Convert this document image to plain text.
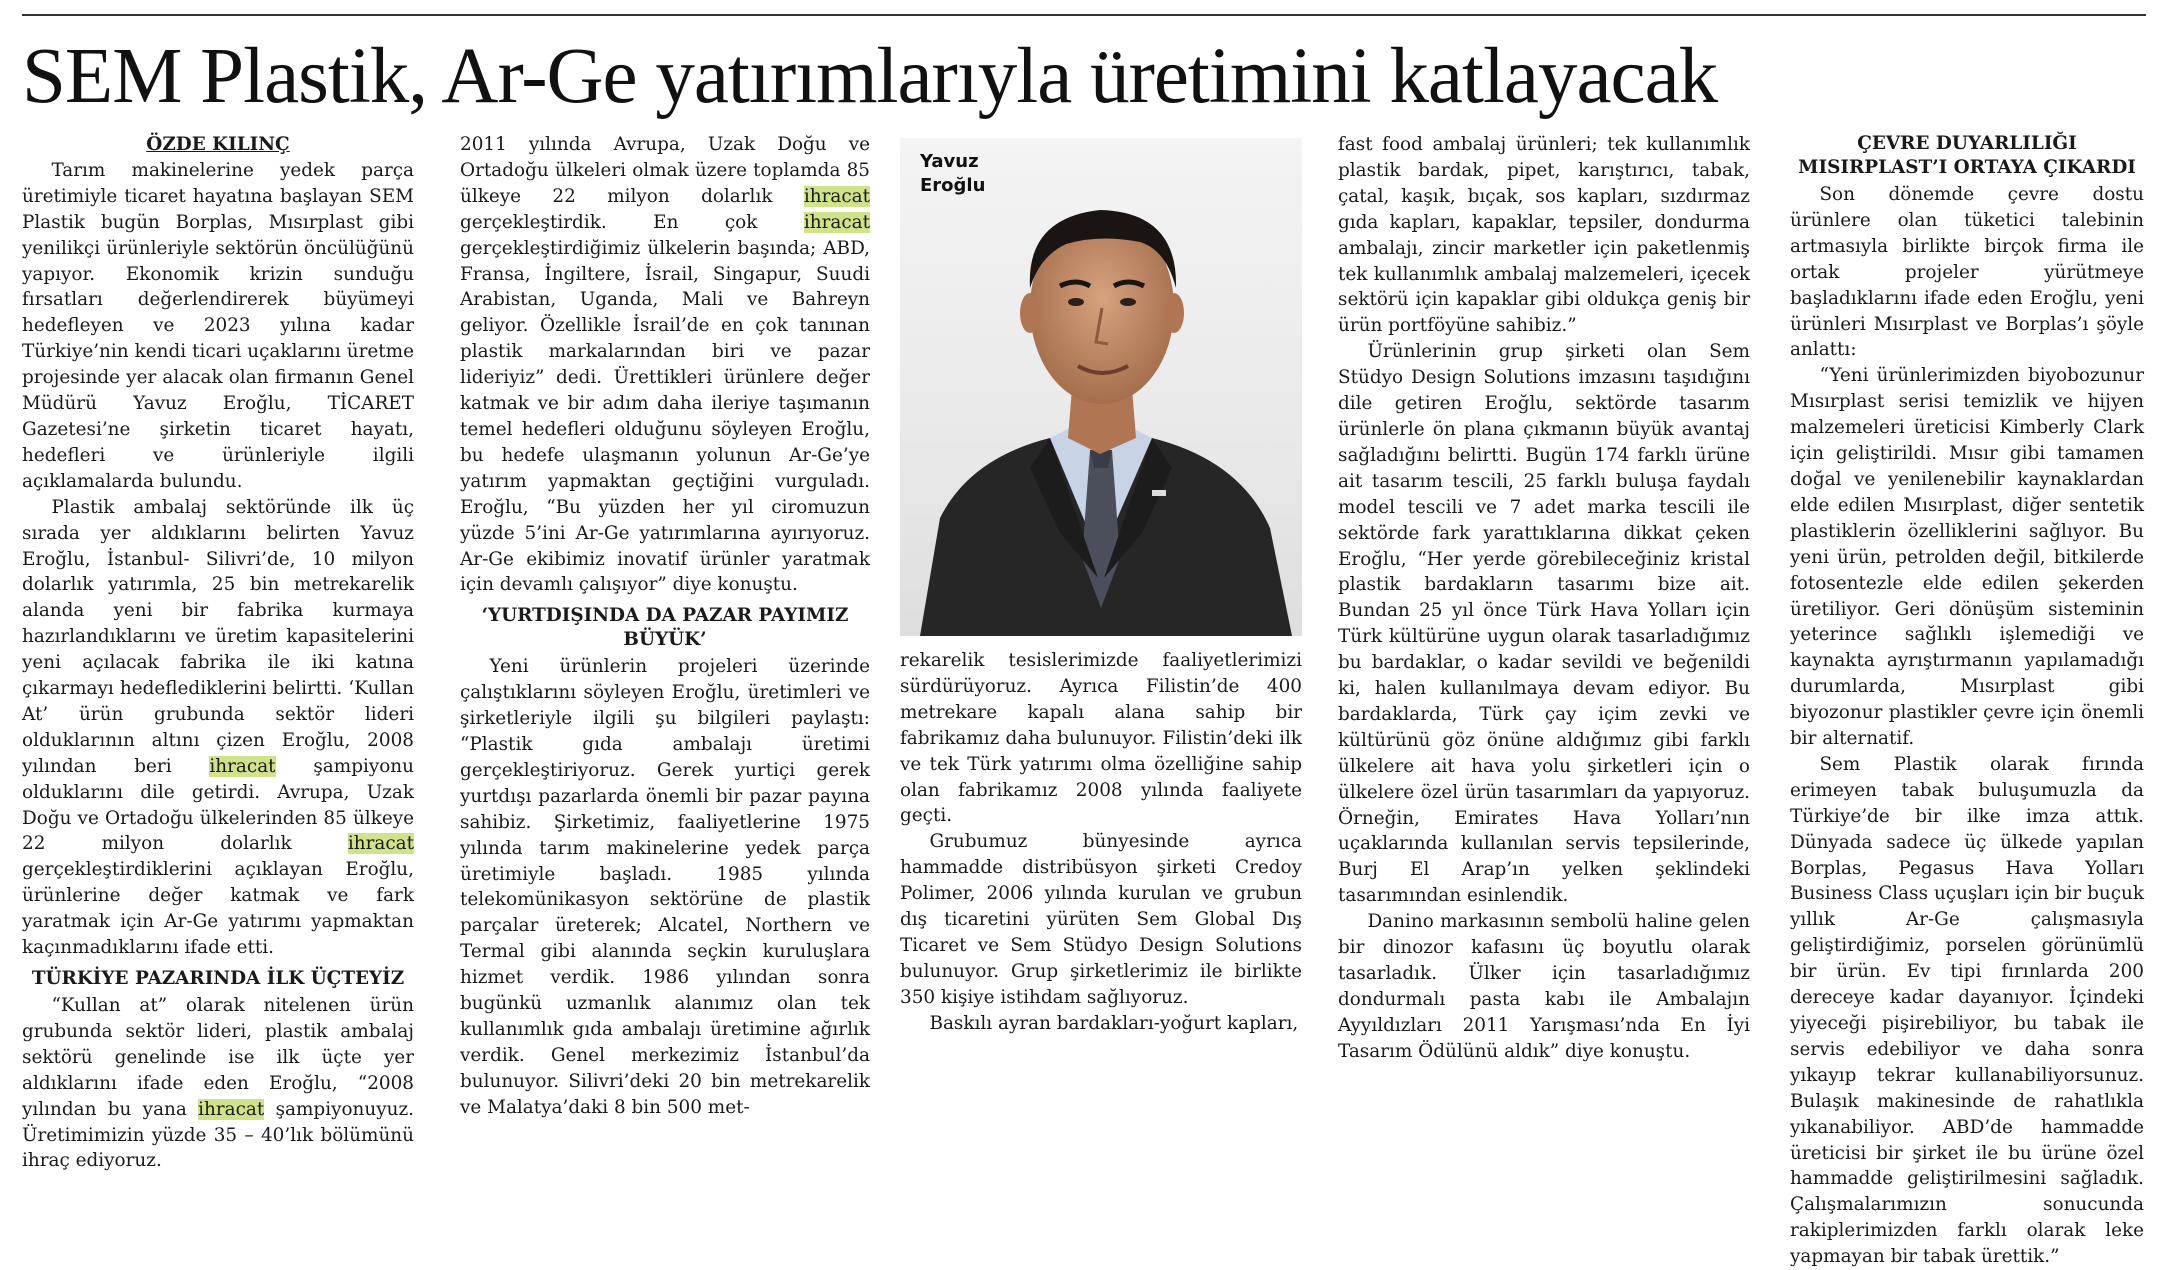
SEM Plastik, Ar-Ge yatırımlarıyla üretimini katlayacak
ÖZDE KILINÇ

Tarım makinelerine yedek parça üretimiyle ticaret hayatına başlayan SEM Plastik bugün Borplas, Mısırplast gibi yenilikçi ürünleriyle sektörün öncülüğünü yapıyor. Ekonomik krizin sunduğu fırsatları değerlendirerek büyümeyi hedefleyen ve 2023 yılına kadar Türkiye’nin kendi ticari uçaklarını üretme projesinde yer alacak olan firmanın Genel Müdürü Yavuz Eroğlu, TİCARET Gazetesi’ne şirketin ticaret hayatı, hedefleri ve ürünleriyle ilgili açıklamalarda bulundu.

Plastik ambalaj sektöründe ilk üç sırada yer aldıklarını belirten Yavuz Eroğlu, İstanbul- Silivri’de, 10 milyon dolarlık yatırımla, 25 bin metrekarelik alanda yeni bir fabrika kurmaya hazırlandıklarını ve üretim kapasitelerini yeni açılacak fabrika ile iki katına çıkarmayı hedeflediklerini belirtti. ‘Kullan At’ ürün grubunda sektör lideri olduklarının altını çizen Eroğlu, 2008 yılından beri ihracat şampiyonu olduklarını dile getirdi. Avrupa, Uzak Doğu ve Ortadoğu ülkelerinden 85 ülkeye 22 milyon dolarlık ihracat gerçekleştirdiklerini açıklayan Eroğlu, ürünlerine değer katmak ve fark yaratmak için Ar-Ge yatırımı yapmaktan kaçınmadıklarını ifade etti.

TÜRKİYE PAZARINDA İLK ÜÇTEYİZ

“Kullan at” olarak nitelenen ürün grubunda sektör lideri, plastik ambalaj sektörü genelinde ise ilk üçte yer aldıklarını ifade eden Eroğlu, “2008 yılından bu yana ihracat şampiyonuyuz. Üretimimizin yüzde 35 – 40’lık bölümünü ihraç ediyoruz.

2011 yılında Avrupa, Uzak Doğu ve Ortadoğu ülkeleri olmak üzere toplamda 85 ülkeye 22 milyon dolarlık ihracat gerçekleştirdik. En çok ihracat gerçekleştirdiğimiz ülkelerin başında; ABD, Fransa, İngiltere, İsrail, Singapur, Suudi Arabistan, Uganda, Mali ve Bahreyn geliyor. Özellikle İsrail’de en çok tanınan plastik markalarından biri ve pazar lideriyiz” dedi. Ürettikleri ürünlere değer katmak ve bir adım daha ileriye taşımanın temel hedefleri olduğunu söyleyen Eroğlu, bu hedefe ulaşmanın yolunun Ar-Ge’ye yatırım yapmaktan geçtiğini vurguladı. Eroğlu, “Bu yüzden her yıl ciromuzun yüzde 5’ini Ar-Ge yatırımlarına ayırıyoruz. Ar-Ge ekibimiz inovatif ürünler yaratmak için devamlı çalışıyor” diye konuştu.

‘YURTDIŞINDA DA PAZAR PAYIMIZ BÜYÜK’

Yeni ürünlerin projeleri üzerinde çalıştıklarını söyleyen Eroğlu, üretimleri ve şirketleriyle ilgili şu bilgileri paylaştı: “Plastik gıda ambalajı üretimi gerçekleştiriyoruz. Gerek yurtiçi gerek yurtdışı pazarlarda önemli bir pazar payına sahibiz. Şirketimiz, faaliyetlerine 1975 yılında tarım makinelerine yedek parça üretimiyle başladı. 1985 yılında telekomünikasyon sektörüne de plastik parçalar üreterek; Alcatel, Northern ve Termal gibi alanında seçkin kuruluşlara hizmet verdik. 1986 yılından sonra bugünkü uzmanlık alanımız olan tek kullanımlık gıda ambalajı üretimine ağırlık verdik. Genel merkezimiz İstanbul’da bulunuyor. Silivri’deki 20 bin metrekarelik ve Malatya’daki 8 bin 500 met-

Yavuz
Eroğlu

rekarelik tesislerimizde faaliyetlerimizi sürdürüyoruz. Ayrıca Filistin’de 400 metrekare kapalı alana sahip bir fabrikamız daha bulunuyor. Filistin’deki ilk ve tek Türk yatırımı olma özelliğine sahip olan fabrikamız 2008 yılında faaliyete geçti.

Grubumuz bünyesinde ayrıca hammadde distribüsyon şirketi Credoy Polimer, 2006 yılında kurulan ve grubun dış ticaretini yürüten Sem Global Dış Ticaret ve Sem Stüdyo Design Solutions bulunuyor. Grup şirketlerimiz ile birlikte 350 kişiye istihdam sağlıyoruz.

Baskılı ayran bardakları-yoğurt kapları,

fast food ambalaj ürünleri; tek kullanımlık plastik bardak, pipet, karıştırıcı, tabak, çatal, kaşık, bıçak, sos kapları, sızdırmaz gıda kapları, kapaklar, tepsiler, dondurma ambalajı, zincir marketler için paketlenmiş tek kullanımlık ambalaj malzemeleri, içecek sektörü için kapaklar gibi oldukça geniş bir ürün portföyüne sahibiz.”

Ürünlerinin grup şirketi olan Sem Stüdyo Design Solutions imzasını taşıdığını dile getiren Eroğlu, sektörde tasarım ürünlerle ön plana çıkmanın büyük avantaj sağladığını belirtti. Bugün 174 farklı ürüne ait tasarım tescili, 25 farklı buluşa faydalı model tescili ve 7 adet marka tescili ile sektörde fark yarattıklarına dikkat çeken Eroğlu, “Her yerde görebileceğiniz kristal plastik bardakların tasarımı bize ait. Bundan 25 yıl önce Türk Hava Yolları için Türk kültürüne uygun olarak tasarladığımız bu bardaklar, o kadar sevildi ve beğenildi ki, halen kullanılmaya devam ediyor. Bu bardaklarda, Türk çay içim zevki ve kültürünü göz önüne aldığımız gibi farklı ülkelere ait hava yolu şirketleri için o ülkelere özel ürün tasarımları da yapıyoruz. Örneğin, Emirates Hava Yolları’nın uçaklarında kullanılan servis tepsilerinde, Burj El Arap’ın yelken şeklindeki tasarımından esinlendik.

Danino markasının sembolü haline gelen bir dinozor kafasını üç boyutlu olarak tasarladık. Ülker için tasarladığımız dondurmalı pasta kabı ile Ambalajın Ayyıldızları 2011 Yarışması’nda En İyi Tasarım Ödülünü aldık” diye konuştu.

ÇEVRE DUYARLILIĞI MISIRPLAST’I ORTAYA ÇIKARDI

Son dönemde çevre dostu ürünlere olan tüketici talebinin artmasıyla birlikte birçok firma ile ortak projeler yürütmeye başladıklarını ifade eden Eroğlu, yeni ürünleri Mısırplast ve Borplas’ı şöyle anlattı:

“Yeni ürünlerimizden biyobozunur Mısırplast serisi temizlik ve hijyen malzemeleri üreticisi Kimberly Clark için geliştirildi. Mısır gibi tamamen doğal ve yenilenebilir kaynaklardan elde edilen Mısırplast, diğer sentetik plastiklerin özelliklerini sağlıyor. Bu yeni ürün, petrolden değil, bitkilerde fotosentezle elde edilen şekerden üretiliyor. Geri dönüşüm sisteminin yeterince sağlıklı işlemediği ve kaynakta ayrıştırmanın yapılamadığı durumlarda, Mısırplast gibi biyozonur plastikler çevre için önemli bir alternatif.

Sem Plastik olarak fırında erimeyen tabak buluşumuzla da Türkiye’de bir ilke imza attık. Dünyada sadece üç ülkede yapılan Borplas, Pegasus Hava Yolları Business Class uçuşları için bir buçuk yıllık Ar-Ge çalışmasıyla geliştirdiğimiz, porselen görünümlü bir ürün. Ev tipi fırınlarda 200 dereceye kadar dayanıyor. İçindeki yiyeceği pişirebiliyor, bu tabak ile servis edebiliyor ve daha sonra yıkayıp tekrar kullanabiliyorsunuz. Bulaşık makinesinde de rahatlıkla yıkanabiliyor. ABD’de hammadde üreticisi bir şirket ile bu ürüne özel hammadde geliştirilmesini sağladık. Çalışmalarımızın sonucunda rakiplerimizden farklı olarak leke yapmayan bir tabak ürettik.”
